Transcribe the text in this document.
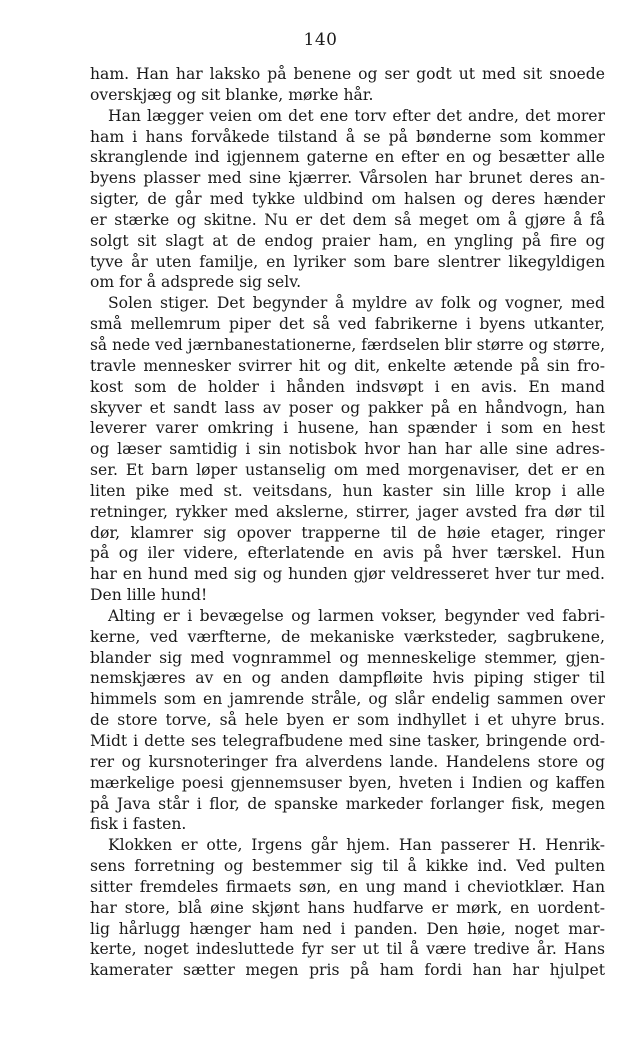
140
ham. Han har laksko på benene og ser godt ut med sit snoede
overskjæg og sit blanke, mørke hår.
Han lægger veien om det ene torv efter det andre, det morer
ham i hans forvåkede tilstand å se på bønderne som kommer
skranglende ind igjennem gaterne en efter en og besætter alle
byens plasser med sine kjærrer. Vårsolen har brunet deres an-
sigter, de går med tykke uldbind om halsen og deres hænder
er stærke og skitne. Nu er det dem så meget om å gjøre å få
solgt sit slagt at de endog praier ham, en yngling på fire og
tyve år uten familje, en lyriker som bare slentrer likegyldigen
om for å adsprede sig selv.
Solen stiger. Det begynder å myldre av folk og vogner, med
små mellemrum piper det så ved fabrikerne i byens utkanter,
så nede ved jærnbanestationerne, færdselen blir større og større,
travle mennesker svirrer hit og dit, enkelte ætende på sin fro-
kost som de holder i hånden indsvøpt i en avis. En mand
skyver et sandt lass av poser og pakker på en håndvogn, han
leverer varer omkring i husene, han spænder i som en hest
og læser samtidig i sin notisbok hvor han har alle sine adres-
ser. Et barn løper ustanselig om med morgenaviser, det er en
liten pike med st. veitsdans, hun kaster sin lille krop i alle
retninger, rykker med akslerne, stirrer, jager avsted fra dør til
dør, klamrer sig opover trapperne til de høie etager, ringer
på og iler videre, efterlatende en avis på hver tærskel. Hun
har en hund med sig og hunden gjør veldresseret hver tur med.
Den lille hund!
Alting er i bevægelse og larmen vokser, begynder ved fabri-
kerne, ved værfterne, de mekaniske værksteder, sagbrukene,
blander sig med vognrammel og menneskelige stemmer, gjen-
nemskjæres av en og anden dampfløite hvis piping stiger til
himmels som en jamrende stråle, og slår endelig sammen over
de store torve, så hele byen er som indhyllet i et uhyre brus.
Midt i dette ses telegrafbudene med sine tasker, bringende ord-
rer og kursnoteringer fra alverdens lande. Handelens store og
mærkelige poesi gjennemsuser byen, hveten i Indien og kaffen
på Java står i flor, de spanske markeder forlanger fisk, megen
fisk i fasten.
Klokken er otte, Irgens går hjem. Han passerer H. Henrik-
sens forretning og bestemmer sig til å kikke ind. Ved pulten
sitter fremdeles firmaets søn, en ung mand i cheviotklær. Han
har store, blå øine skjønt hans hudfarve er mørk, en uordent-
lig hårlugg hænger ham ned i panden. Den høie, noget mar-
kerte, noget indesluttede fyr ser ut til å være tredive år. Hans
kamerater sætter megen pris på ham fordi han har hjulpet
